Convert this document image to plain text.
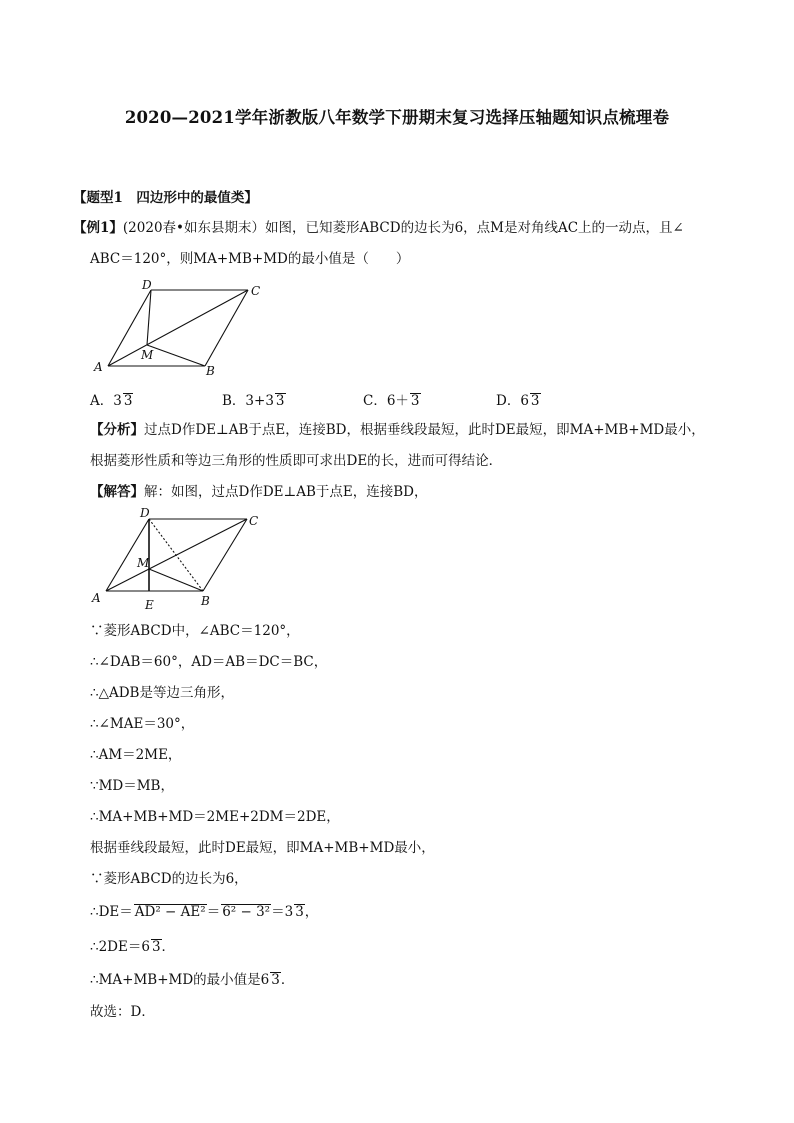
2020—2021学年浙教版八年数学下册期末复习选择压轴题知识点梳理卷
【题型1　四边形中的最值类】
【例1】(2020春•如东县期末）如图，已知菱形ABCD的边长为6，点M是对角线AC上的一动点，且∠
ABC＝120°，则MA+MB+MD的最小值是（　　）
A	B
C
D
M
A．3 3	B．3+3 3	C．6＋ 3	D．6 3
【分析】过点D作DE⊥AB于点E，连接BD，根据垂线段最短，此时DE最短，即MA+MB+MD最小，
根据菱形性质和等边三角形的性质即可求出DE的长，进而可得结论．
【解答】解：如图，过点D作DE⊥AB于点E，连接BD，
D
C
M
A	B
E
∵菱形ABCD中，∠ABC＝120°，
∴∠DAB＝60°，AD＝AB＝DC＝BC，
∴△ADB是等边三角形，
∴∠MAE＝30°，
∴AM＝2ME，
∵MD＝MB，
∴MA+MB+MD＝2ME+2DM＝2DE，
根据垂线段最短，此时DE最短，即MA+MB+MD最小，
∵菱形ABCD的边长为6，
∴DE＝ AD² − AE²＝ 6² − 3²＝3 3，
∴2DE＝6 3．
∴MA+MB+MD的最小值是6 3．
故选：D．
